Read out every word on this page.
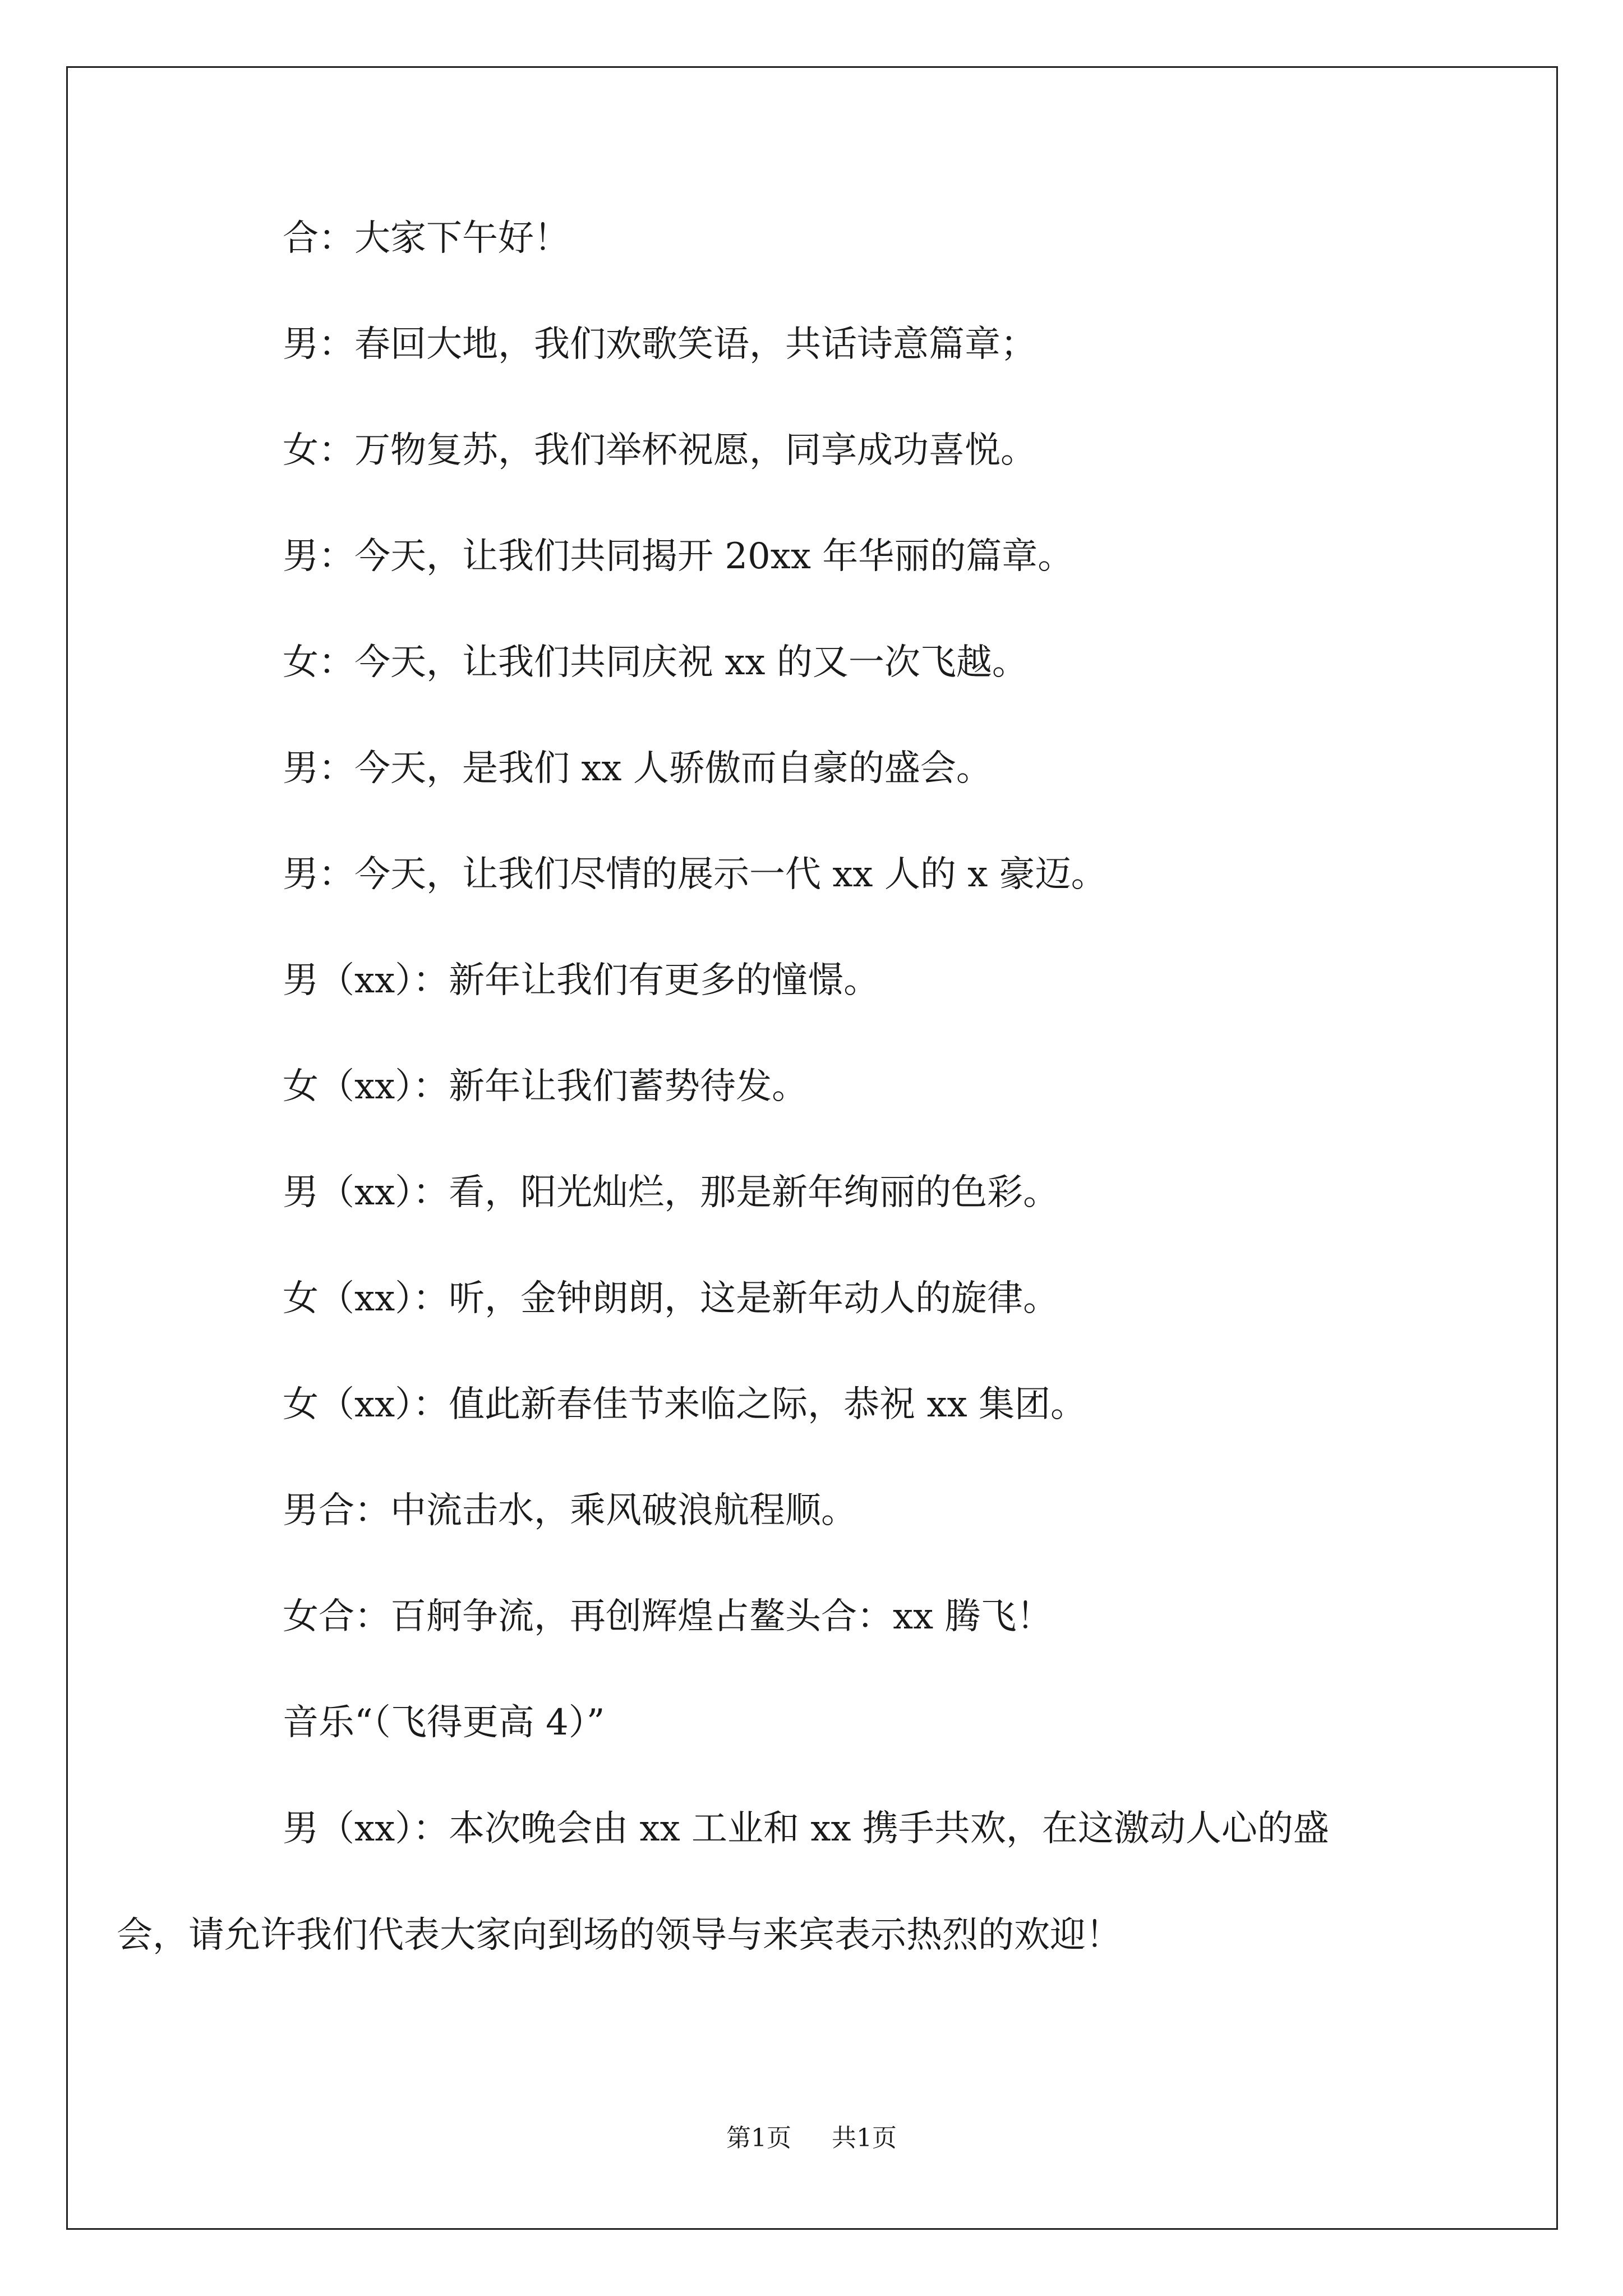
合：大家下午好！

男：春回大地，我们欢歌笑语，共话诗意篇章；

女：万物复苏，我们举杯祝愿，同享成功喜悦。

男：今天，让我们共同揭开 20xx 年华丽的篇章。

女：今天，让我们共同庆祝 xx 的又一次飞越。

男：今天，是我们 xx 人骄傲而自豪的盛会。

男：今天，让我们尽情的展示一代 xx 人的 x 豪迈。

男（xx）：新年让我们有更多的憧憬。

女（xx）：新年让我们蓄势待发。

男（xx）：看，阳光灿烂，那是新年绚丽的色彩。

女（xx）：听，金钟朗朗，这是新年动人的旋律。

女（xx）：值此新春佳节来临之际，恭祝 xx 集团。

男合：中流击水，乘风破浪航程顺。

女合：百舸争流，再创辉煌占鳌头合：xx 腾飞！

音乐“（飞得更高 4）”

男（xx）：本次晚会由 xx 工业和 xx 携手共欢，在这激动人心的盛会，请允许我们代表大家向到场的领导与来宾表示热烈的欢迎！

第1页 共1页
